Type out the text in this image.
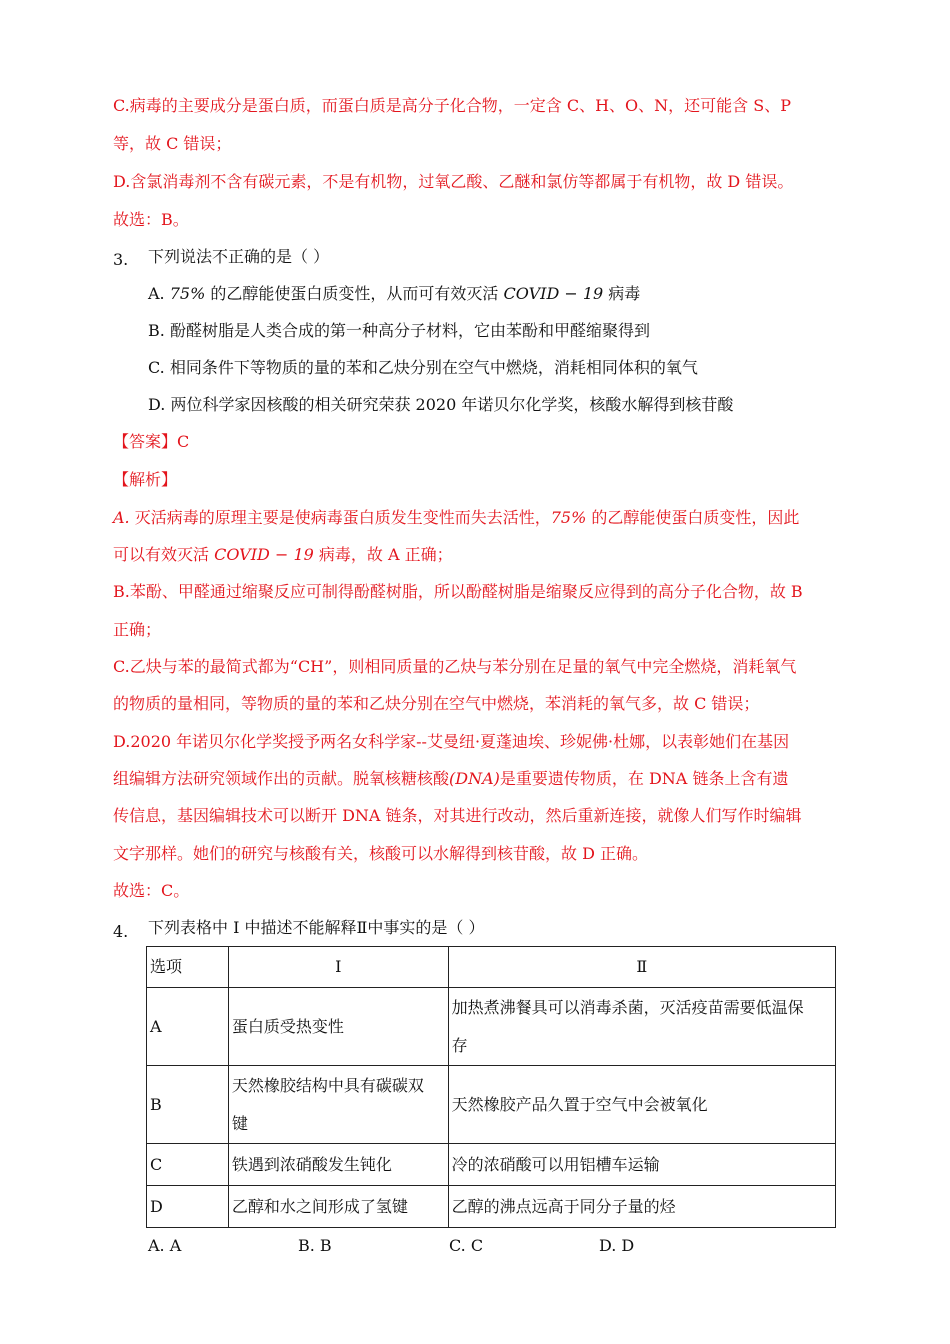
C.病毒的主要成分是蛋白质，而蛋白质是高分子化合物，一定含 C、H、O、N，还可能含 S、P
等，故 C 错误；
D.含氯消毒剂不含有碳元素，不是有机物，过氧乙酸、乙醚和氯仿等都属于有机物，故 D 错误。
故选：B。
3. 下列说法不正确的是（ ）
A. 75% 的乙醇能使蛋白质变性，从而可有效灭活 COVID − 19 病毒
B. 酚醛树脂是人类合成的第一种高分子材料，它由苯酚和甲醛缩聚得到
C. 相同条件下等物质的量的苯和乙炔分别在空气中燃烧，消耗相同体积的氧气
D. 两位科学家因核酸的相关研究荣获 2020 年诺贝尔化学奖，核酸水解得到核苷酸
【答案】C
【解析】
A. 灭活病毒的原理主要是使病毒蛋白质发生变性而失去活性，75% 的乙醇能使蛋白质变性，因此
可以有效灭活 COVID − 19 病毒，故 A 正确；
B.苯酚、甲醛通过缩聚反应可制得酚醛树脂，所以酚醛树脂是缩聚反应得到的高分子化合物，故 B
正确；
C.乙炔与苯的最简式都为“CH”，则相同质量的乙炔与苯分别在足量的氧气中完全燃烧，消耗氧气
的物质的量相同，等物质的量的苯和乙炔分别在空气中燃烧，苯消耗的氧气多，故 C 错误；
D.2020 年诺贝尔化学奖授予两名女科学家--艾曼纽·夏蓬迪埃、珍妮佛·杜娜，以表彰她们在基因
组编辑方法研究领域作出的贡献。脱氧核糖核酸(DNA)是重要遗传物质，在 DNA 链条上含有遗
传信息，基因编辑技术可以断开 DNA 链条，对其进行改动，然后重新连接，就像人们写作时编辑
文字那样。她们的研究与核酸有关，核酸可以水解得到核苷酸，故 D 正确。
故选：C。
4. 下列表格中 I 中描述不能解释Ⅱ中事实的是（ ）
选项	I	Ⅱ
A	蛋白质受热变性	加热煮沸餐具可以消毒杀菌，灭活疫苗需要低温保
存

B	天然橡胶结构中具有碳碳双
键	天然橡胶产品久置于空气中会被氧化
C	铁遇到浓硝酸发生钝化	冷的浓硝酸可以用铝槽车运输
D	乙醇和水之间形成了氢键	乙醇的沸点远高于同分子量的烃
A. A	B. B	C. C	D. D
